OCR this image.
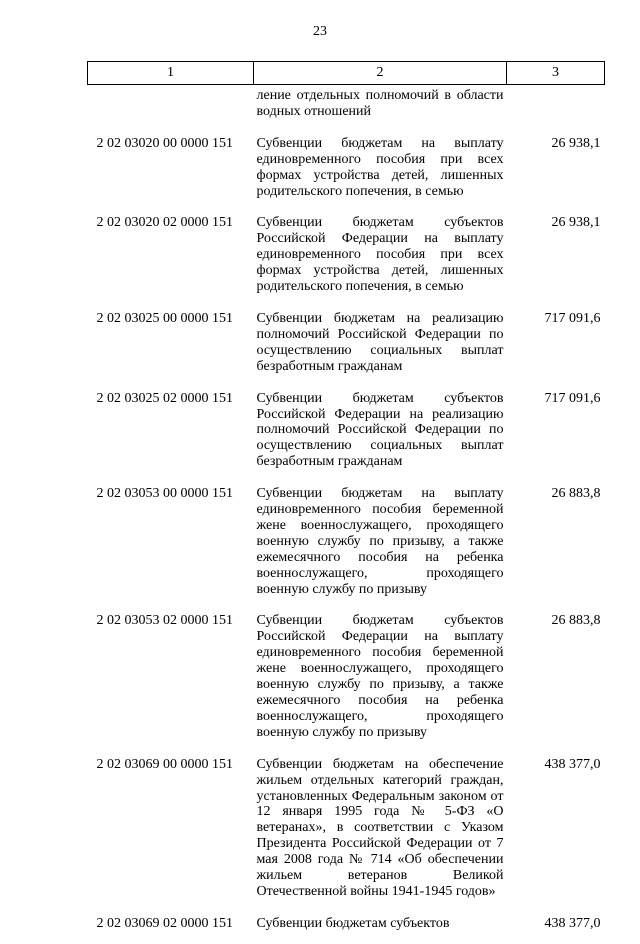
23
1	2	3
	ление отдельных полномочий в области водных отношений	
2 02 03020 00 0000 151	Субвенции бюджетам на выплату единовременного пособия при всех формах устройства детей, лишенных родительского попечения, в семью	26 938,1
2 02 03020 02 0000 151	Субвенции бюджетам субъектов Российской Федерации на выплату единовременного пособия при всех формах устройства детей, лишенных родительского попечения, в семью	26 938,1
2 02 03025 00 0000 151	Субвенции бюджетам на реализацию полномочий Российской Федерации по осуществлению социальных выплат безработным гражданам	717 091,6
2 02 03025 02 0000 151	Субвенции бюджетам субъектов Российской Федерации на реализацию полномочий Российской Федерации по осуществлению социальных выплат безработным гражданам	717 091,6
2 02 03053 00 0000 151	Субвенции бюджетам на выплату единовременного пособия беременной жене военнослужащего, проходящего военную службу по призыву, а также ежемесячного пособия на ребенка военнослужащего, проходящего военную службу по призыву	26 883,8
2 02 03053 02 0000 151	Субвенции бюджетам субъектов Российской Федерации на выплату единовременного пособия беременной жене военнослужащего, проходящего военную службу по призыву, а также ежемесячного пособия на ребенка военнослужащего, проходящего военную службу по призыву	26 883,8
2 02 03069 00 0000 151	Субвенции бюджетам на обеспечение жильем отдельных категорий граждан, установленных Федеральным законом от 12 января 1995 года № 5-ФЗ «О ветеранах», в соответствии с Указом Президента Российской Федерации от 7 мая 2008 года № 714 «Об обеспечении жильем ветеранов Великой Отечественной войны 1941-1945 годов»	438 377,0
2 02 03069 02 0000 151	Субвенции бюджетам субъектов	438 377,0
